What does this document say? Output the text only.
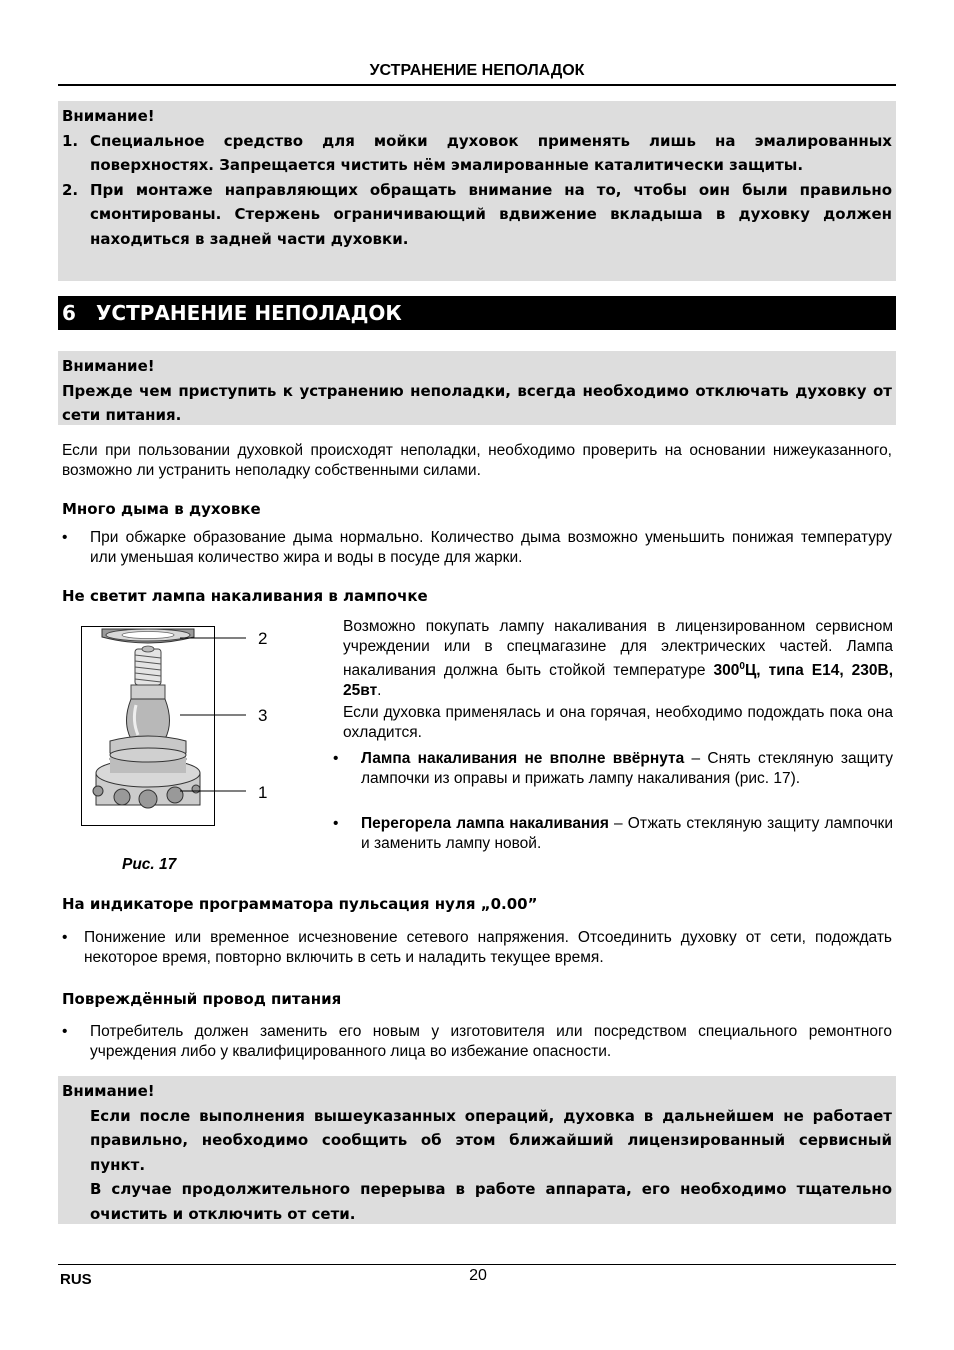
УСТРАНЕНИЕ НЕПОЛАДОК
Внимание!
1. Специальное средство для мойки духовок применять лишь на эмалированных поверхностях. Запрещается чистить нём эмалированные каталитически защиты.
2. При монтаже направляющих обращать внимание на то, чтобы оин были правильно смонтированы. Стержень ограничивающий вдвижение вкладыша в духовку должен находиться в задней части духовки.
6 УСТРАНЕНИЕ НЕПОЛАДОК
Внимание!
Прежде чем приступить к устранению неполадки, всегда необходимо отключать духовку от сети питания.
Если при пользовании духовкой происходят неполадки, необходимо проверить на основании нижеуказанного, возможно ли устранить неполадку собственными силами.
Много дыма в духовке
•	При обжарке образование дыма нормально. Количество дыма возможно уменьшить понижая температуру или уменьшая количество жира и воды в посуде для жарки.
Не светит лампа накаливания в лампочке
2
3
1
Рис. 17
Возможно покупать лампу накаливания в лицензированном сервисном учреждении или в спецмагазине для электрических частей. Лампа накаливания должна быть стойкой температуре $300^0Ц$, типа E14, 230В, 25вт.
Если духовка применялась и она горячая, необходимо подождать пока она охладится.
•	Лампа накаливания не вполне ввёрнута – Снять стекляную защиту лампочки из оправы и прижать лампу накаливания (рис. 17).
•	Перегорела лампа накаливания – Отжать стекляную защиту лампочки и заменить лампу новой.
На индикаторе программатора пульсация нуля „0.00”
•	Понижение или временное исчезновение сетевого напряжения. Отсоединить духовку от сети, подождать некоторое время, повторно включить в сеть и наладить текущее время.
Повреждённый провод питания
•	Потребитель должен заменить его новым у изготовителя или посредством специального ремонтного учреждения либо у квалифицированного лица во избежание опасности.
Внимание!
Если после выполнения вышеуказанных операций, духовка в дальнейшем не работает правильно, необходимо сообщить об этом ближайший лицензированный сервисный пункт.
В случае продолжительного перерыва в работе аппарата, его необходимо тщательно очистить и отключить от сети.
20
RUS
